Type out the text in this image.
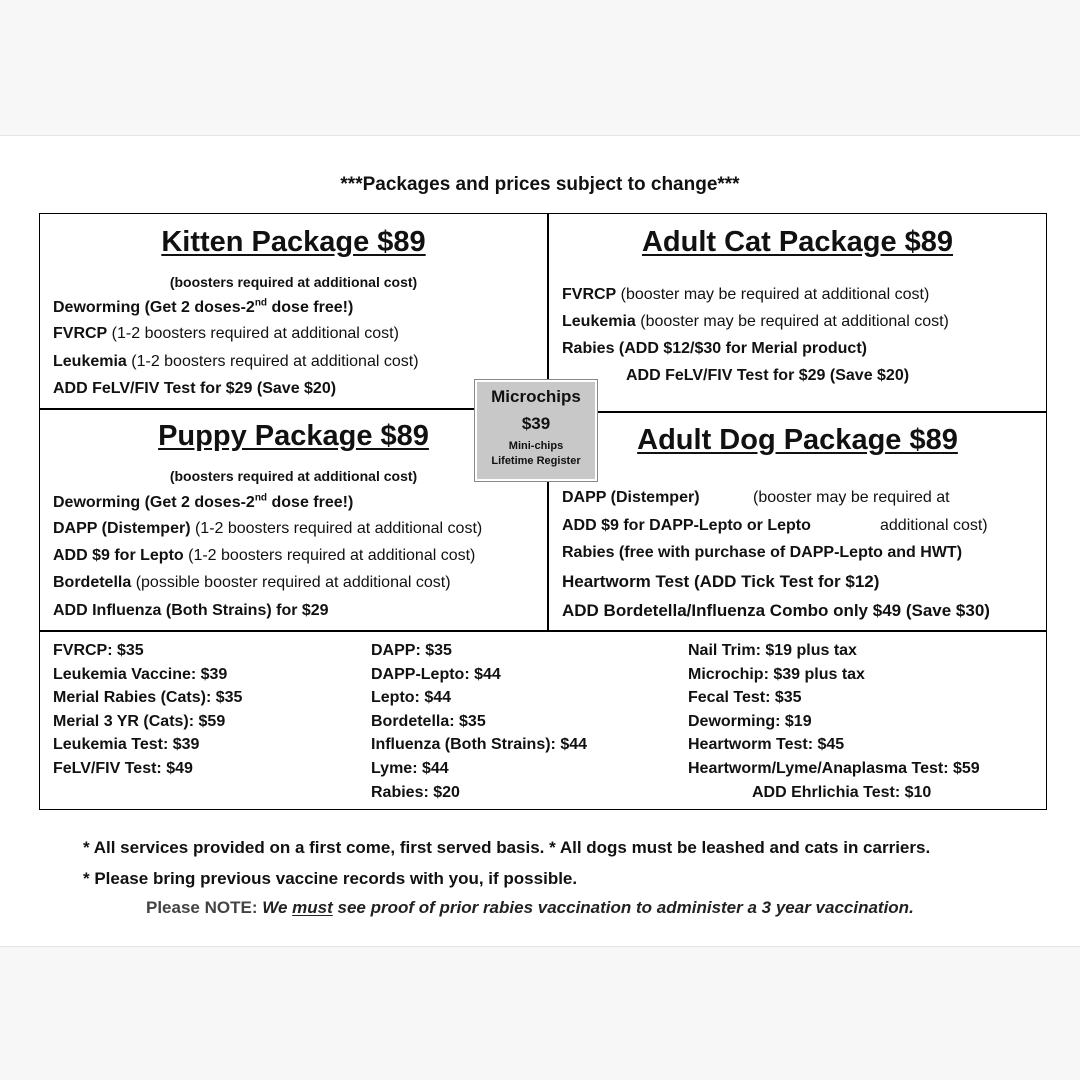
***Packages and prices subject to change***
Kitten Package $89
(boosters required at additional cost)
Deworming (Get 2 doses-2nd dose free!)
FVRCP (1-2 boosters required at additional cost)
Leukemia (1-2 boosters required at additional cost)
ADD FeLV/FIV Test for $29 (Save $20)
Adult Cat Package $89
FVRCP (booster may be required at additional cost)
Leukemia (booster may be required at additional cost)
Rabies (ADD $12/$30 for Merial product)
ADD FeLV/FIV Test for $29 (Save $20)
Puppy Package $89
(boosters required at additional cost)
Deworming (Get 2 doses-2nd dose free!)
DAPP (Distemper) (1-2 boosters required at additional cost)
ADD $9 for Lepto (1-2 boosters required at additional cost)
Bordetella (possible booster required at additional cost)
ADD Influenza (Both Strains) for $29
Adult Dog Package $89
DAPP (Distemper)	(booster may be required at
ADD $9 for DAPP-Lepto or Lepto	additional cost)
Rabies (free with purchase of DAPP-Lepto and HWT)
Heartworm Test (ADD Tick Test for $12)
ADD Bordetella/Influenza Combo only $49 (Save $30)
Microchips
$39
Mini-chips
Lifetime Register
FVRCP: $35
Leukemia Vaccine: $39
Merial Rabies (Cats): $35
Merial 3 YR (Cats): $59
Leukemia Test: $39
FeLV/FIV Test: $49
DAPP: $35
DAPP-Lepto: $44
Lepto: $44
Bordetella: $35
Influenza (Both Strains): $44
Lyme: $44
Rabies: $20
Nail Trim: $19 plus tax
Microchip: $39 plus tax
Fecal Test: $35
Deworming: $19
Heartworm Test: $45
Heartworm/Lyme/Anaplasma Test: $59
ADD Ehrlichia Test: $10
* All services provided on a first come, first served basis. * All dogs must be leashed and cats in carriers.
* Please bring previous vaccine records with you, if possible.
Please NOTE: We must see proof of prior rabies vaccination to administer a 3 year vaccination.
